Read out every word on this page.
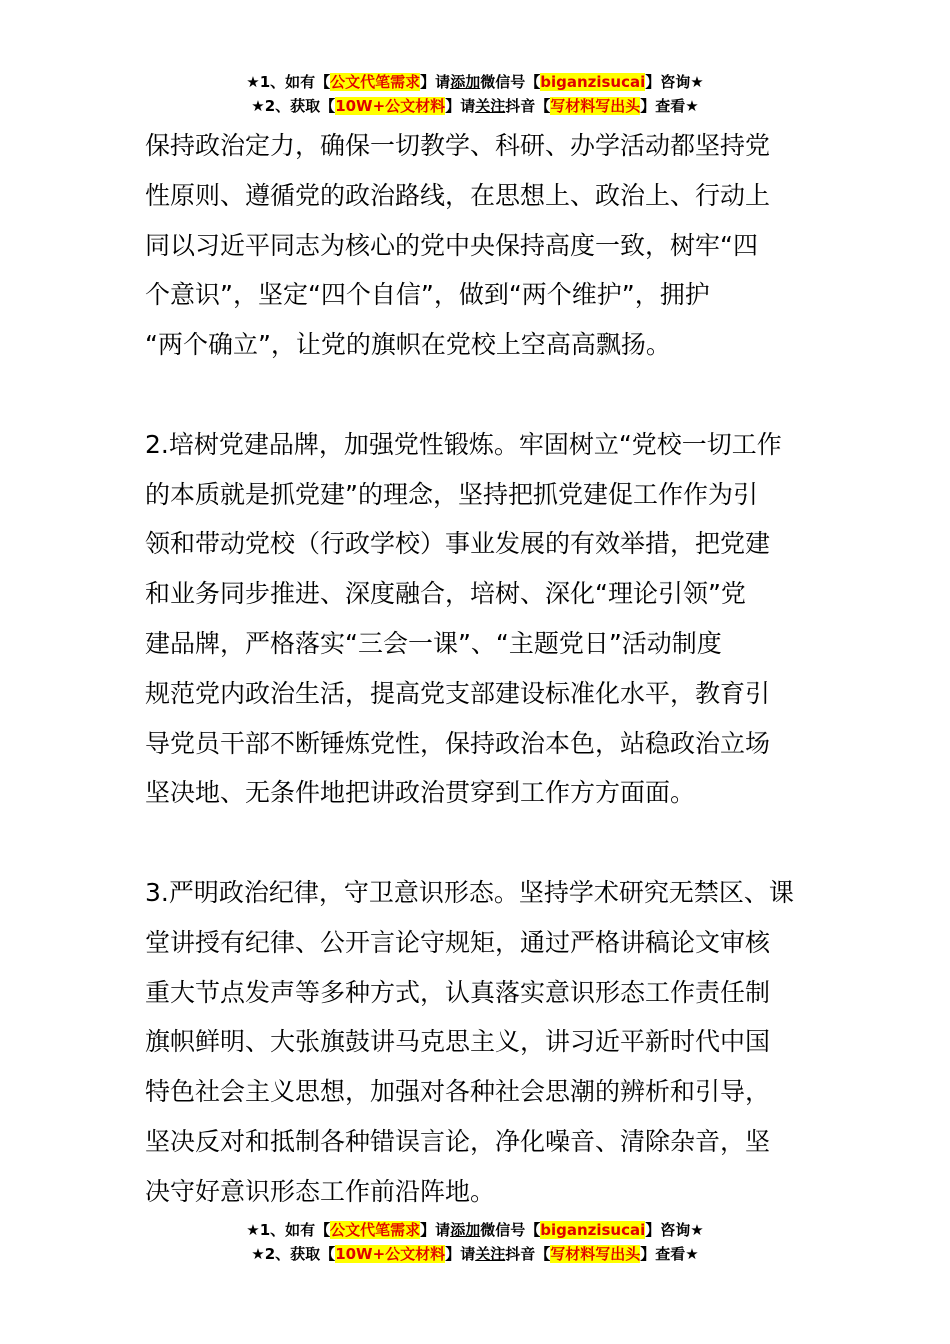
★1、如有【公文代笔需求】请添加微信号【biganzisucai】咨询★
★2、获取【10W+公文材料】请关注抖音【写材料写出头】查看★
保持政治定力，确保一切教学、科研、办学活动都坚持党
性原则、遵循党的政治路线，在思想上、政治上、行动上
同以习近平同志为核心的党中央保持高度一致，树牢“四
个意识”，坚定“四个自信”，做到“两个维护”，拥护
“两个确立”，让党的旗帜在党校上空高高飘扬。
2.培树党建品牌，加强党性锻炼。牢固树立“党校一切工作
的本质就是抓党建”的理念，坚持把抓党建促工作作为引
领和带动党校（行政学校）事业发展的有效举措，把党建
和业务同步推进、深度融合，培树、深化“理论引领”党
建品牌，严格落实“三会一课”、“主题党日”活动制度
规范党内政治生活，提高党支部建设标准化水平，教育引
导党员干部不断锤炼党性，保持政治本色，站稳政治立场
坚决地、无条件地把讲政治贯穿到工作方方面面。
3.严明政治纪律，守卫意识形态。坚持学术研究无禁区、课
堂讲授有纪律、公开言论守规矩，通过严格讲稿论文审核
重大节点发声等多种方式，认真落实意识形态工作责任制
旗帜鲜明、大张旗鼓讲马克思主义，讲习近平新时代中国
特色社会主义思想，加强对各种社会思潮的辨析和引导，
坚决反对和抵制各种错误言论，净化噪音、清除杂音，坚
决守好意识形态工作前沿阵地。
★1、如有【公文代笔需求】请添加微信号【biganzisucai】咨询★
★2、获取【10W+公文材料】请关注抖音【写材料写出头】查看★
